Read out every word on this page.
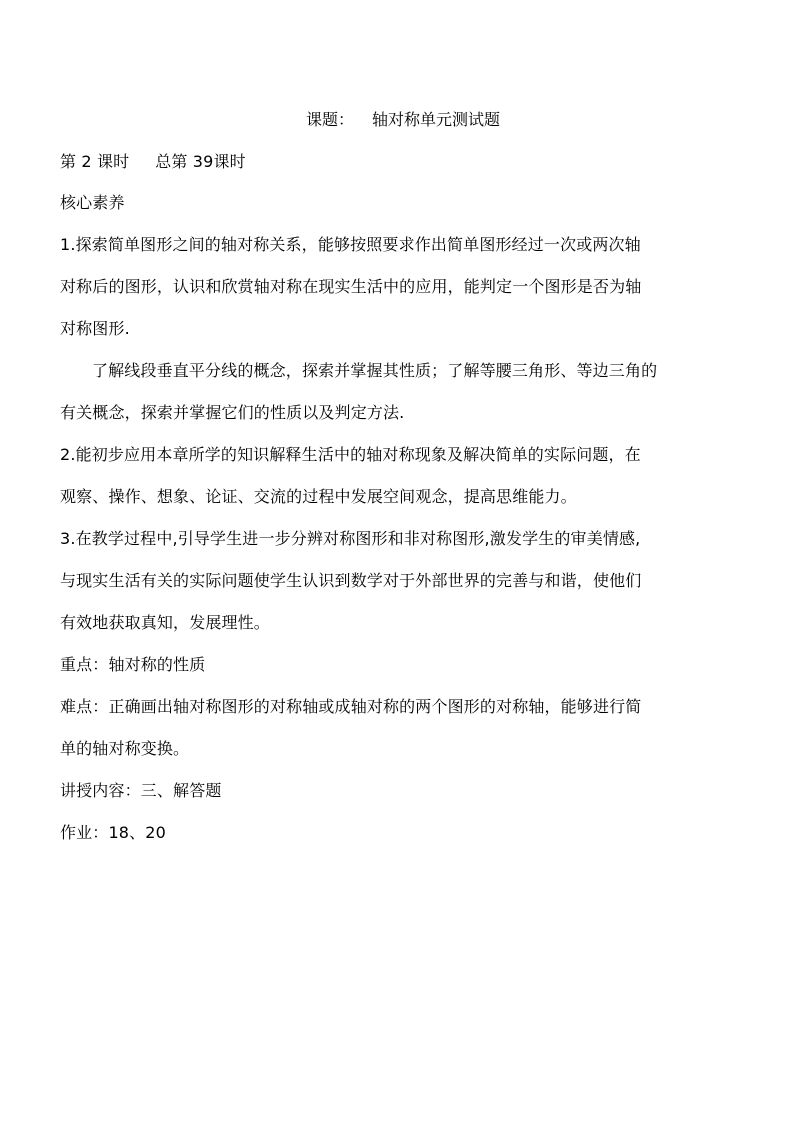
课题： 轴对称单元测试题
第 2 课时 总第 39课时
核心素养
1.探索简单图形之间的轴对称关系，能够按照要求作出简单图形经过一次或两次轴
对称后的图形，认识和欣赏轴对称在现实生活中的应用，能判定一个图形是否为轴
对称图形.
了解线段垂直平分线的概念，探索并掌握其性质；了解等腰三角形、等边三角的
有关概念，探索并掌握它们的性质以及判定方法.
2.能初步应用本章所学的知识解释生活中的轴对称现象及解决简单的实际问题，在
观察、操作、想象、论证、交流的过程中发展空间观念，提高思维能力。
3.在教学过程中,引导学生进一步分辨对称图形和非对称图形,激发学生的审美情感,
与现实生活有关的实际问题使学生认识到数学对于外部世界的完善与和谐，使他们
有效地获取真知，发展理性。
重点：轴对称的性质
难点：正确画出轴对称图形的对称轴或成轴对称的两个图形的对称轴，能够进行简
单的轴对称变换。
讲授内容：三、解答题
作业：18、20
